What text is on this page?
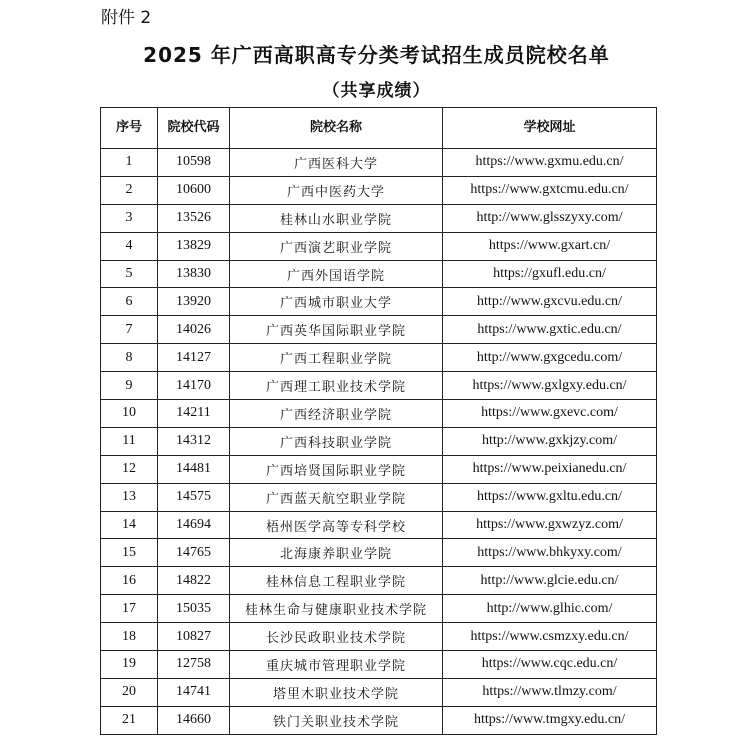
附件 2
2025 年广西高职高专分类考试招生成员院校名单
（共享成绩）
序号	院校代码	院校名称	学校网址
1	10598	广西医科大学	https://www.gxmu.edu.cn/
2	10600	广西中医药大学	https://www.gxtcmu.edu.cn/
3	13526	桂林山水职业学院	http://www.glsszyxy.com/
4	13829	广西演艺职业学院	https://www.gxart.cn/
5	13830	广西外国语学院	https://gxufl.edu.cn/
6	13920	广西城市职业大学	http://www.gxcvu.edu.cn/
7	14026	广西英华国际职业学院	https://www.gxtic.edu.cn/
8	14127	广西工程职业学院	http://www.gxgcedu.com/
9	14170	广西理工职业技术学院	https://www.gxlgxy.edu.cn/
10	14211	广西经济职业学院	https://www.gxevc.com/
11	14312	广西科技职业学院	http://www.gxkjzy.com/
12	14481	广西培贤国际职业学院	https://www.peixianedu.cn/
13	14575	广西蓝天航空职业学院	https://www.gxltu.edu.cn/
14	14694	梧州医学高等专科学校	https://www.gxwzyz.com/
15	14765	北海康养职业学院	https://www.bhkyxy.com/
16	14822	桂林信息工程职业学院	http://www.glcie.edu.cn/
17	15035	桂林生命与健康职业技术学院	http://www.glhic.com/
18	10827	长沙民政职业技术学院	https://www.csmzxy.edu.cn/
19	12758	重庆城市管理职业学院	https://www.cqc.edu.cn/
20	14741	塔里木职业技术学院	https://www.tlmzy.com/
21	14660	铁门关职业技术学院	https://www.tmgxy.edu.cn/
